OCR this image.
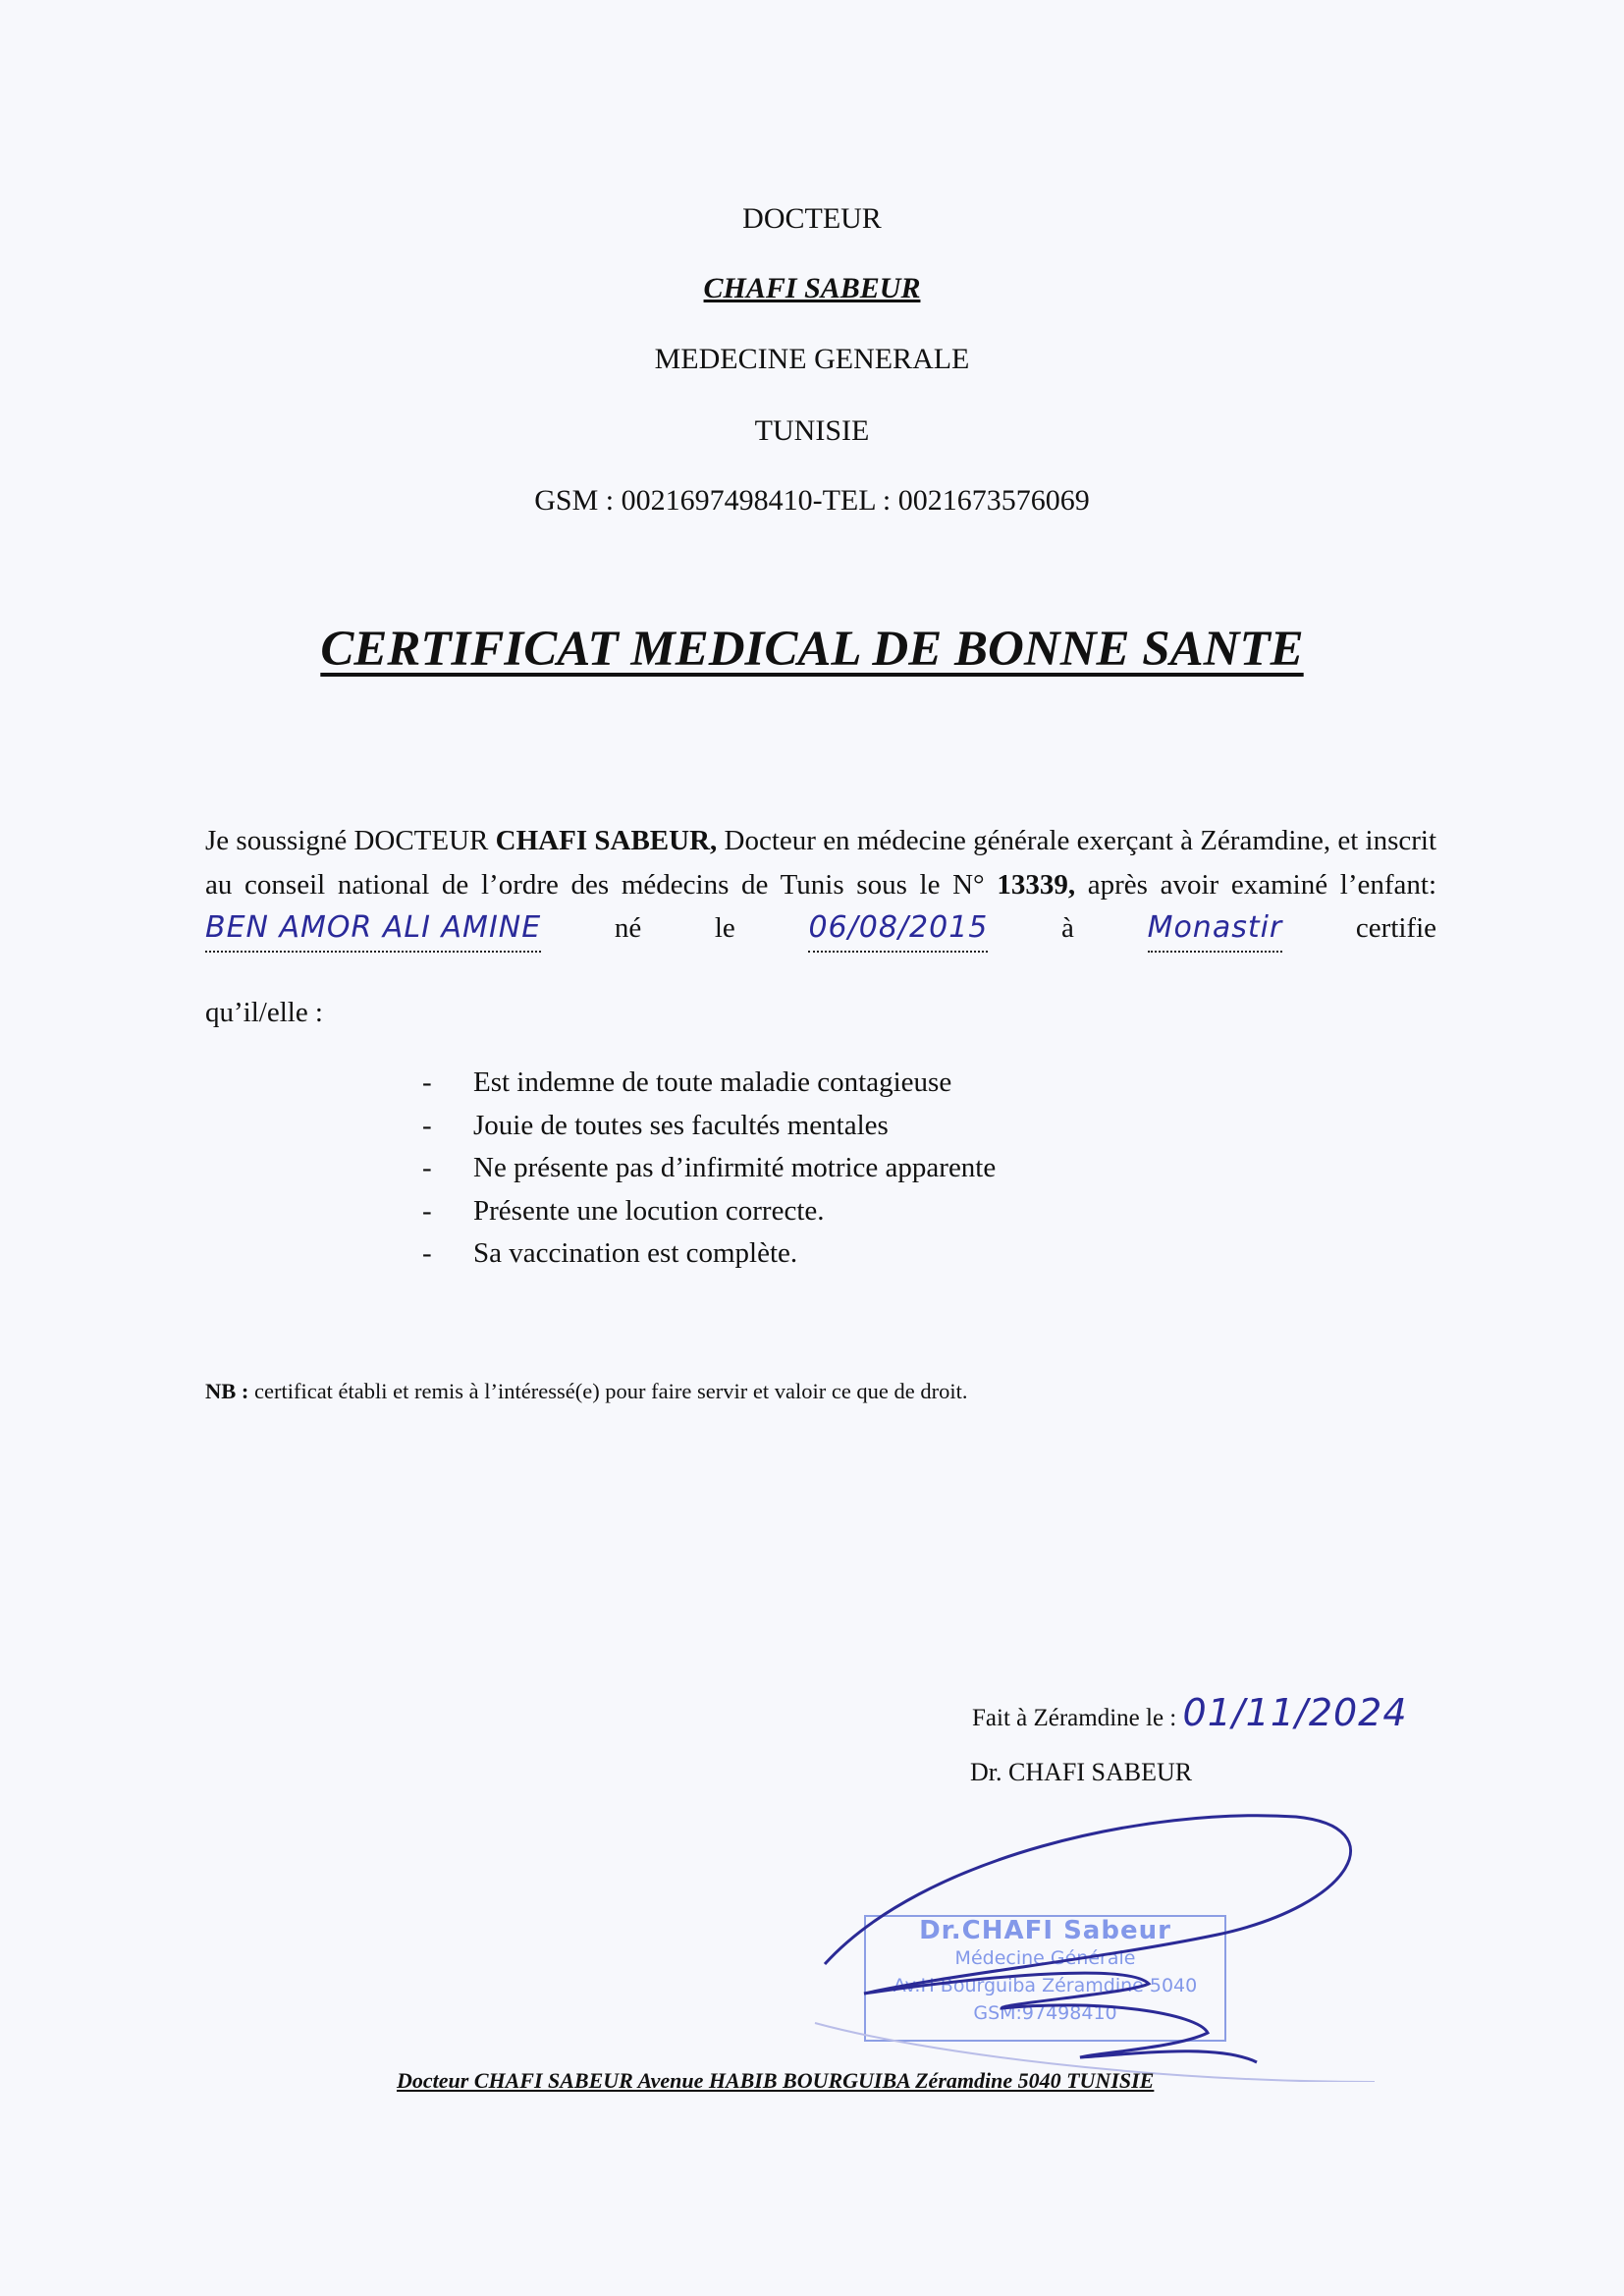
DOCTEUR
CHAFI SABEUR
MEDECINE GENERALE
TUNISIE
GSM : 0021697498410-TEL : 0021673576069
CERTIFICAT MEDICAL DE BONNE SANTE
Je soussigné DOCTEUR CHAFI SABEUR, Docteur en médecine générale exerçant à Zéramdine, et inscrit au conseil national de l’ordre des médecins de Tunis sous le N° 13339, après avoir examiné l’enfant: BEN AMOR ALI AMINE	né le 06/08/2015	à Monastir	certifie
qu’il/elle :
-	Est indemne de toute maladie contagieuse
-	Jouie de toutes ses facultés mentales
-	Ne présente pas d’infirmité motrice apparente
-	Présente une locution correcte.
-	Sa vaccination est complète.
NB : certificat établi et remis à l’intéressé(e) pour faire servir et valoir ce que de droit.
Fait à Zéramdine le : 01/11/2024
Dr. CHAFI SABEUR
Dr.CHAFI Sabeur
Médecine Générale
Av.H Bourguiba Zéramdine 5040
GSM:97498410
Docteur CHAFI SABEUR Avenue HABIB BOURGUIBA Zéramdine 5040 TUNISIE
